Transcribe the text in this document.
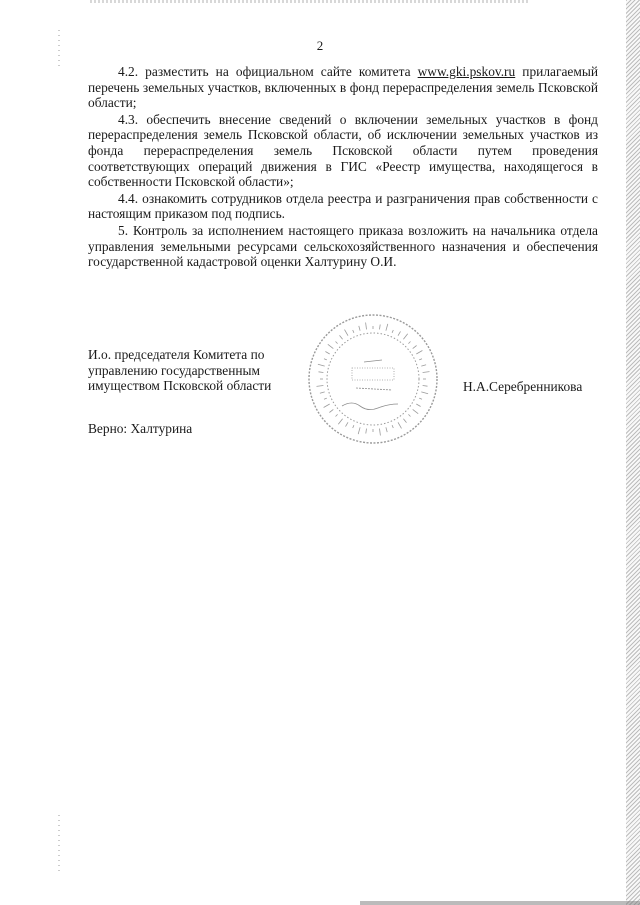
2

4.2. разместить на официальном сайте комитета www.gki.pskov.ru прилагаемый перечень земельных участков, включенных в фонд перераспределения земель Псковской области;

4.3. обеспечить внесение сведений о включении земельных участков в фонд перераспределения земель Псковской области, об исключении земельных участков из фонда перераспределения земель Псковской области путем проведения соответствующих операций движения в ГИС «Реестр имущества, находящегося в собственности Псковской области»;

4.4. ознакомить сотрудников отдела реестра и разграничения прав собственности с настоящим приказом под подпись.

5. Контроль за исполнением настоящего приказа возложить на начальника отдела управления земельными ресурсами сельскохозяйственного назначения и обеспечения государственной кадастровой оценки Халтурину О.И.

И.о. председателя Комитета по
управлению государственным
имуществом Псковской области	Н.А.Серебренникова
Верно: Халтурина
